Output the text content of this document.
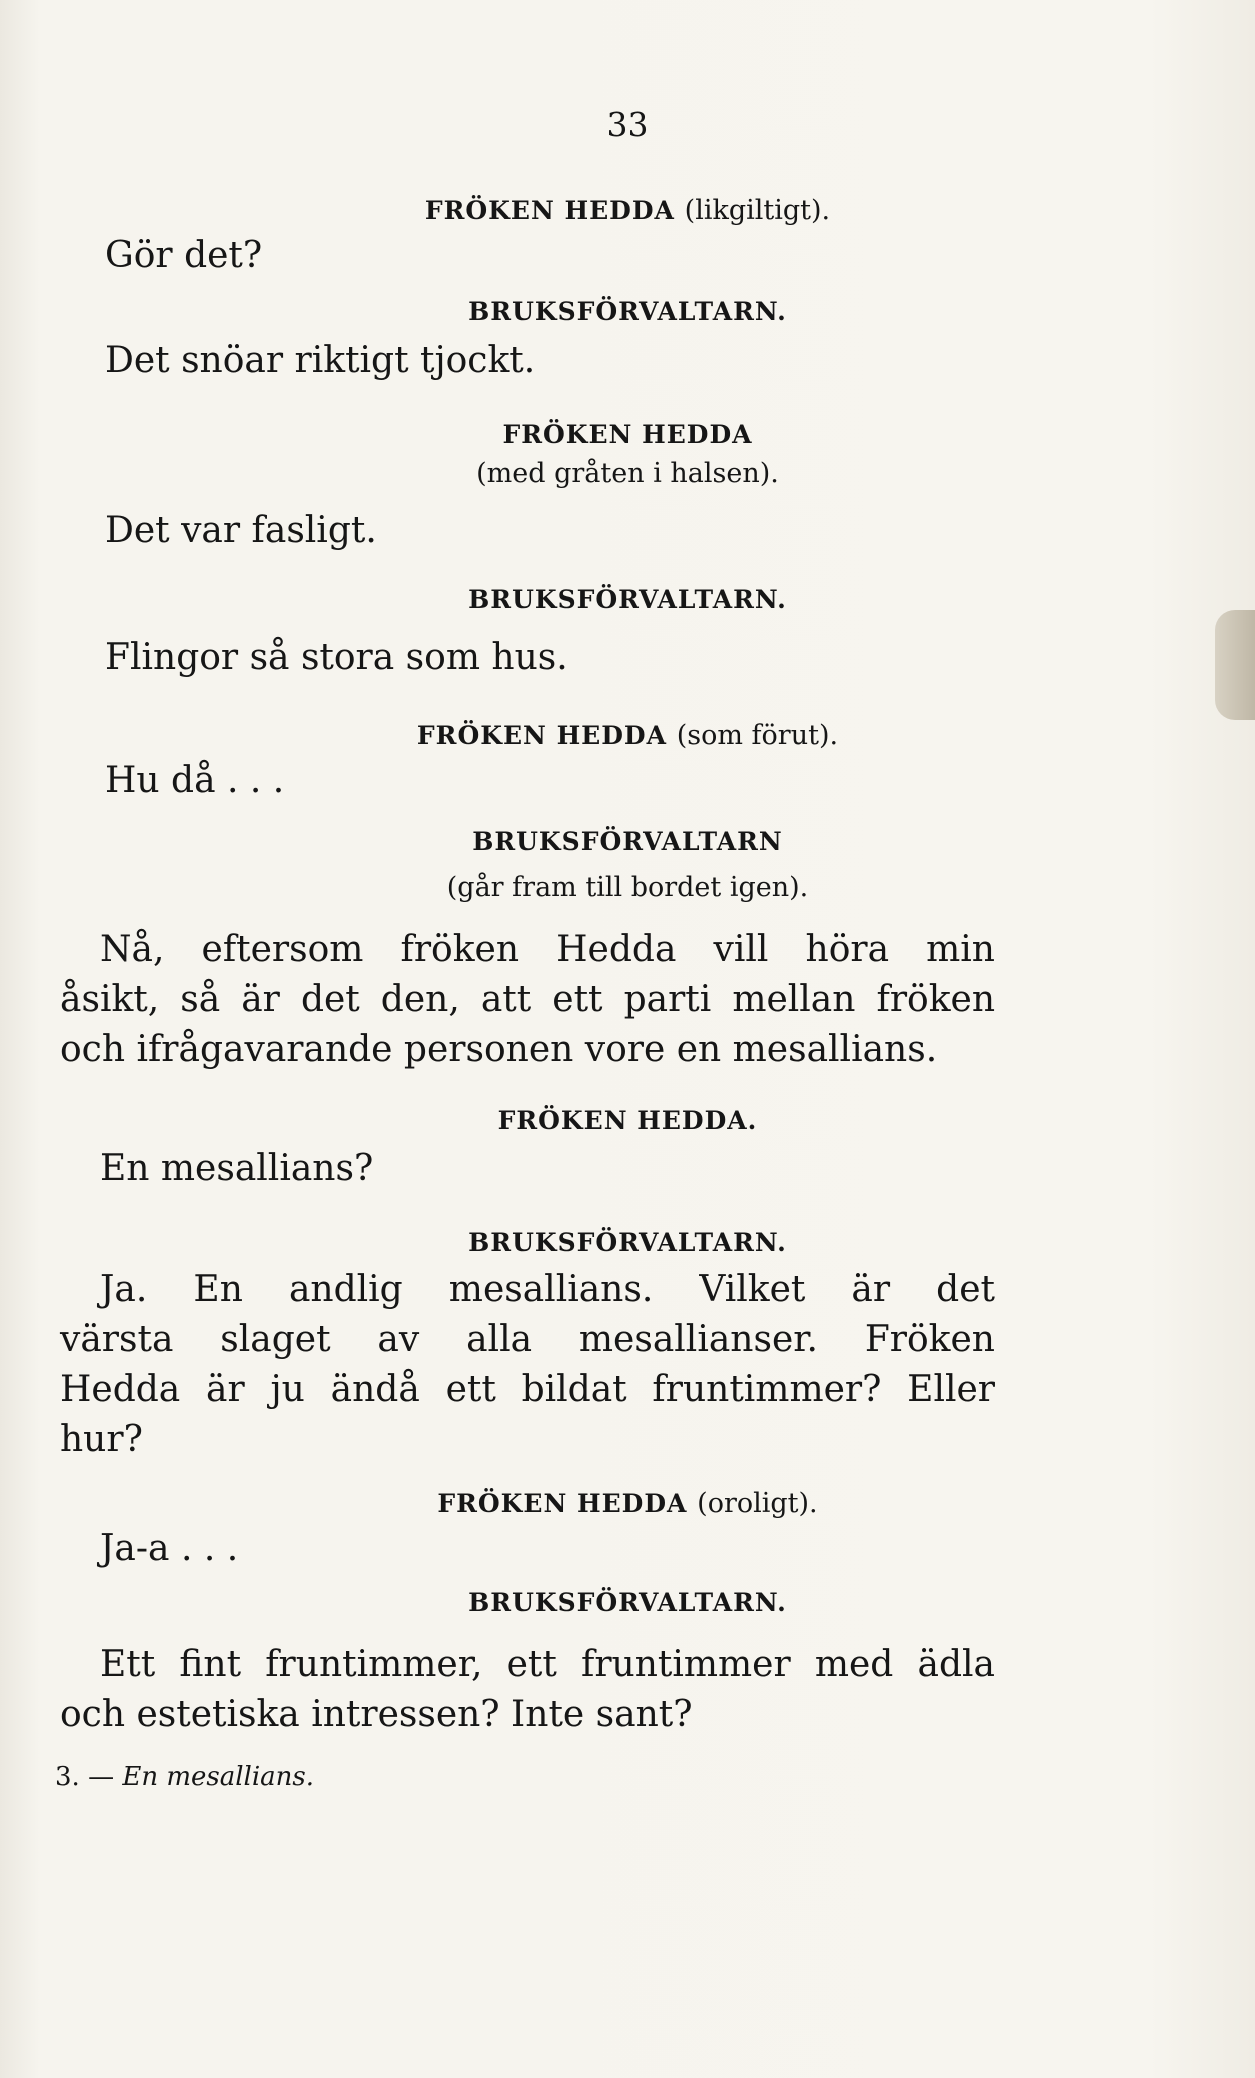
33
FRÖKEN HEDDA (likgiltigt).
Gör det?
BRUKSFÖRVALTARN.
Det snöar riktigt tjockt.
FRÖKEN HEDDA
(med gråten i halsen).
Det var fasligt.
BRUKSFÖRVALTARN.
Flingor så stora som hus.
FRÖKEN HEDDA (som förut).
Hu då . . .
BRUKSFÖRVALTARN
(går fram till bordet igen).
Nå, eftersom fröken Hedda vill höra min
åsikt, så är det den, att ett parti mellan fröken
och ifrågavarande personen vore en mesallians.
FRÖKEN HEDDA.
En mesallians?
BRUKSFÖRVALTARN.
Ja. En andlig mesallians. Vilket är det
värsta slaget av alla mesallianser. Fröken
Hedda är ju ändå ett bildat fruntimmer? Eller
hur?
FRÖKEN HEDDA (oroligt).
Ja-a . . .
BRUKSFÖRVALTARN.
Ett fint fruntimmer, ett fruntimmer med ädla
och estetiska intressen? Inte sant?
3. — En mesallians.
